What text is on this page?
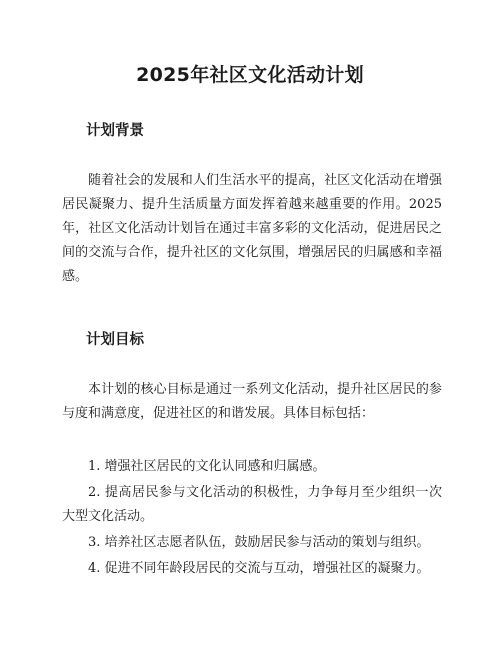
2025年社区文化活动计划
计划背景

随着社会的发展和人们生活水平的提高，社区文化活动在增强居民凝聚力、提升生活质量方面发挥着越来越重要的作用。2025年，社区文化活动计划旨在通过丰富多彩的文化活动，促进居民之间的交流与合作，提升社区的文化氛围，增强居民的归属感和幸福感。

计划目标

本计划的核心目标是通过一系列文化活动，提升社区居民的参与度和满意度，促进社区的和谐发展。具体目标包括：

1. 增强社区居民的文化认同感和归属感。
2. 提高居民参与文化活动的积极性，力争每月至少组织一次大型文化活动。
3. 培养社区志愿者队伍，鼓励居民参与活动的策划与组织。
4. 促进不同年龄段居民的交流与互动，增强社区的凝聚力。
